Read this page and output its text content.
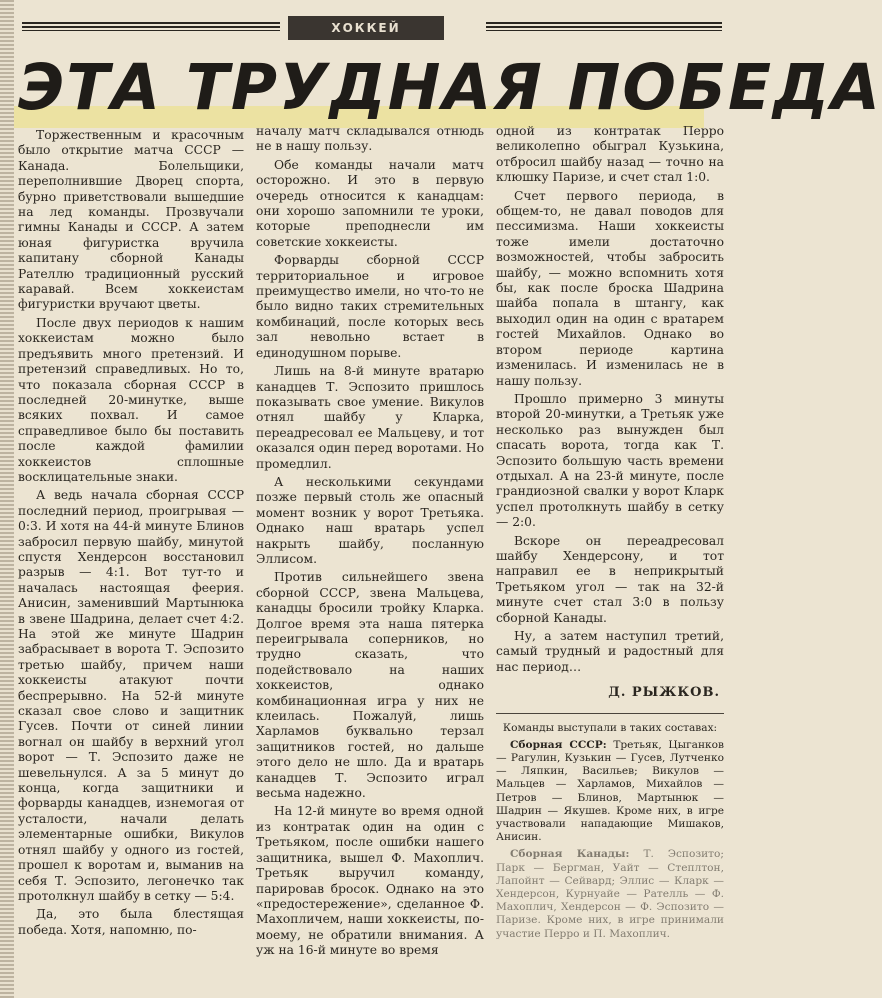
ХОККЕЙ
ЭТА ТРУДНАЯ ПОБЕДА

Торжественным и красочным было открытие матча СССР — Канада. Болельщики, переполнившие Дворец спорта, бурно приветствовали вышедшие на лед команды. Прозвучали гимны Канады и СССР. А затем юная фигуристка вручила капитану сборной Канады Рателлю традиционный русский каравай. Всем хоккеистам фигуристки вручают цветы.

После двух периодов к нашим хоккеистам можно было предъявить много претензий. И претензий справедливых. Но то, что показала сборная СССР в последней 20-минутке, выше всяких похвал. И самое справедливое было бы поставить после каждой фамилии хоккеистов сплошные восклицательные знаки.

А ведь начала сборная СССР последний период, проигрывая — 0:3. И хотя на 44-й минуте Блинов забросил первую шайбу, минутой спустя Хендерсон восстановил разрыв — 4:1. Вот тут-то и началась настоящая феерия. Анисин, заменивший Мартынюка в звене Шадрина, делает счет 4:2. На этой же минуте Шадрин забрасывает в ворота Т. Эспозито третью шайбу, причем наши хоккеисты атакуют почти беспрерывно. На 52-й минуте сказал свое слово и защитник Гусев. Почти от синей линии вогнал он шайбу в верхний угол ворот — Т. Эспозито даже не шевельнулся. А за 5 минут до конца, когда защитники и форварды канадцев, изнемогая от усталости, начали делать элементарные ошибки, Викулов отнял шайбу у одного из гостей, прошел к воротам и, выманив на себя Т. Эспозито, легонечко так протолкнул шайбу в сетку — 5:4.

Да, это была блестящая победа. Хотя, напомню, по-

началу матч складывался отнюдь не в нашу пользу.

Обе команды начали матч осторожно. И это в первую очередь относится к канадцам: они хорошо запомнили те уроки, которые преподнесли им советские хоккеисты.

Форварды сборной СССР территориальное и игровое преимущество имели, но что-то не было видно таких стремительных комбинаций, после которых весь зал невольно встает в единодушном порыве.

Лишь на 8-й минуте вратарю канадцев Т. Эспозито пришлось показывать свое умение. Викулов отнял шайбу у Кларка, переадресовал ее Мальцеву, и тот оказался один перед воротами. Но промедлил.

А несколькими секундами позже первый столь же опасный момент возник у ворот Третьяка. Однако наш вратарь успел накрыть шайбу, посланную Эллисом.

Против сильнейшего звена сборной СССР, звена Мальцева, канадцы бросили тройку Кларка. Долгое время эта наша пятерка переигрывала соперников, но трудно сказать, что подействовало на наших хоккеистов, однако комбинационная игра у них не клеилась. Пожалуй, лишь Харламов буквально терзал защитников гостей, но дальше этого дело не шло. Да и вратарь канадцев Т. Эспозито играл весьма надежно.

На 12-й минуте во время одной из контратак один на один с Третьяком, после ошибки нашего защитника, вышел Ф. Махоплич. Третьяк выручил команду, парировав бросок. Однако на это «предостережение», сделанное Ф. Махопличем, наши хоккеисты, по-моему, не обратили внимания. А уж на 16-й минуте во время

одной из контратак Перро великолепно обыграл Кузькина, отбросил шайбу назад — точно на клюшку Паризе, и счет стал 1:0.

Счет первого периода, в общем-то, не давал поводов для пессимизма. Наши хоккеисты тоже имели достаточно возможностей, чтобы забросить шайбу, — можно вспомнить хотя бы, как после броска Шадрина шайба попала в штангу, как выходил один на один с вратарем гостей Михайлов. Однако во втором периоде картина изменилась. И изменилась не в нашу пользу.

Прошло примерно 3 минуты второй 20-минутки, а Третьяк уже несколько раз вынужден был спасать ворота, тогда как Т. Эспозито большую часть времени отдыхал. А на 23-й минуте, после грандиозной свалки у ворот Кларк успел протолкнуть шайбу в сетку — 2:0.

Вскоре он переадресовал шайбу Хендерсону, и тот направил ее в неприкрытый Третьяком угол — так на 32-й минуте счет стал 3:0 в пользу сборной Канады.

Ну, а затем наступил третий, самый трудный и радостный для нас период…

Д. РЫЖКОВ.

Команды выступали в таких составах:

Сборная СССР: Третьяк, Цыганков — Рагулин, Кузькин — Гусев, Лутченко — Ляпкин, Васильев; Викулов — Мальцев — Харламов, Михайлов — Петров — Блинов, Мартынюк — Шадрин — Якушев. Кроме них, в игре участвовали нападающие Мишаков, Анисин.

Сборная Канады: Т. Эспозито; Парк — Бергман, Уайт — Степлтон, Лапойнт — Сейвард; Эллис — Кларк — Хендерсон, Курнуайе — Рателль — Ф. Махоплич, Хендерсон — Ф. Эспозито — Паризе. Кроме них, в игре принимали участие Перро и П. Махоплич.
